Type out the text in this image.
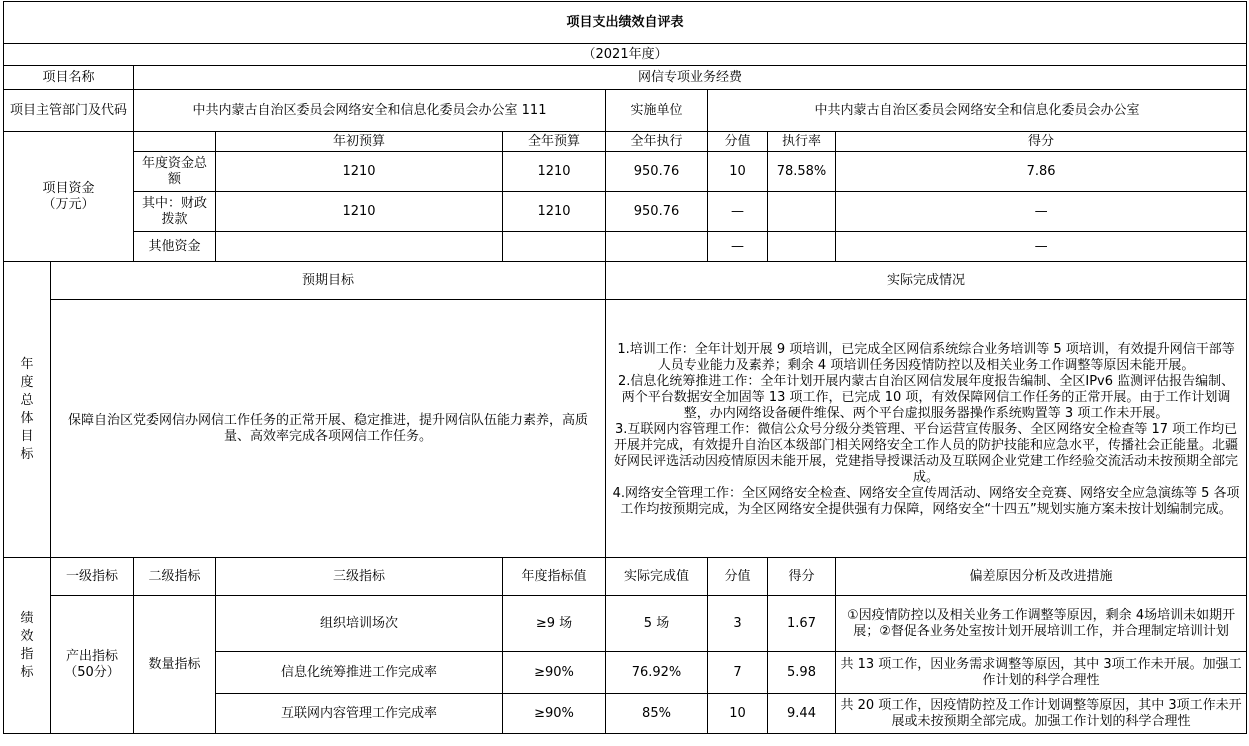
项目支出绩效自评表								
（2021年度）								
项目名称		网信专项业务经费						
项目主管部门及代码		中共内蒙古自治区委员会网络安全和信息化委员会办公室 111			实施单位	中共内蒙古自治区委员会网络安全和信息化委员会办公室		
项目资金（万元）			年初预算	全年预算	全年执行	分值	执行率	得分
		年度资金总额	1210	1210	950.76	10	78.58%	7.86
		其中：财政拨款	1210	1210	950.76	—		—
		其他资金				—		—
年度总体目标	预期目标				实际完成情况			
	保障自治区党委网信办网信工作任务的正常开展、稳定推进，提升网信队伍能力素养，高质量、高效率完成各项网信工作任务。				1.培训工作：全年计划开展 9 项培训，已完成全区网信系统综合业务培训等 5 项培训，有效提升网信干部等人员专业能力及素养；剩余 4 项培训任务因疫情防控以及相关业务工作调整等原因未能开展。

2.信息化统筹推进工作：全年计划开展内蒙古自治区网信发展年度报告编制、全区IPv6 监测评估报告编制、两个平台数据安全加固等 13 项工作，已完成 10 项，有效保障网信工作任务的正常开展。由于工作计划调整，办内网络设备硬件维保、两个平台虚拟服务器操作系统购置等 3 项工作未开展。

3.互联网内容管理工作：微信公众号分级分类管理、平台运营宣传服务、全区网络安全检查等 17 项工作均已开展并完成，有效提升自治区本级部门相关网络安全工作人员的防护技能和应急水平，传播社会正能量。北疆好网民评选活动因疫情原因未能开展，党建指导授课活动及互联网企业党建工作经验交流活动未按预期全部完成。

4.网络安全管理工作：全区网络安全检查、网络安全宣传周活动、网络安全竞赛、网络安全应急演练等 5 各项工作均按预期完成，为全区网络安全提供强有力保障，网络安全“十四五”规划实施方案未按计划编制完成。			

绩效指标	一级指标	二级指标	三级指标	年度指标值	实际完成值	分值	得分	偏差原因分析及改进措施
	产出指标（50分）	数量指标	组织培训场次	≥9 场	5 场	3	1.67	①因疫情防控以及相关业务工作调整等原因，剩余 4场培训未如期开展；②督促各业务处室按计划开展培训工作，并合理制定培训计划
			信息化统筹推进工作完成率	≥90%	76.92%	7	5.98	共 13 项工作，因业务需求调整等原因，其中 3项工作未开展。加强工作计划的科学合理性
			互联网内容管理工作完成率	≥90%	85%	10	9.44	共 20 项工作，因疫情防控及工作计划调整等原因，其中 3项工作未开展或未按预期全部完成。加强工作计划的科学合理性
